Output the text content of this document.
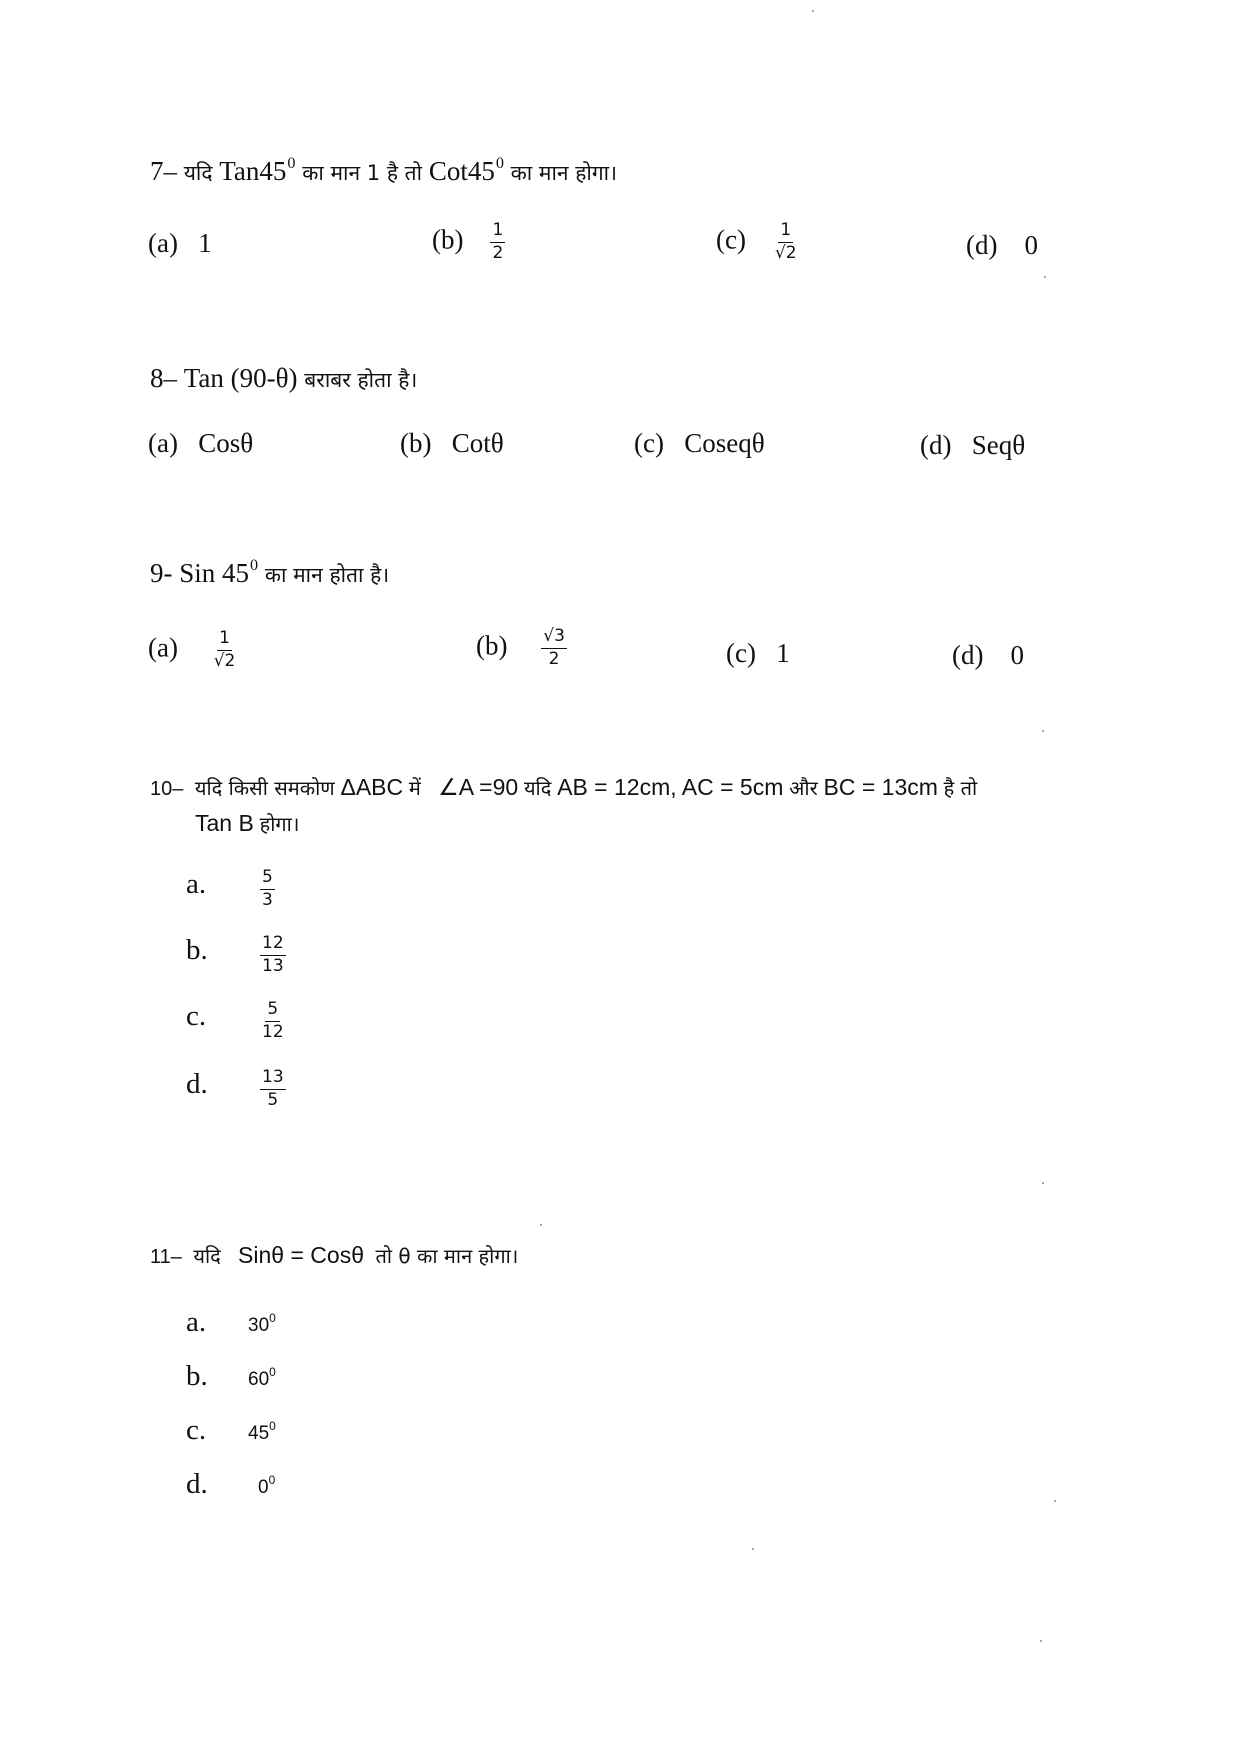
7– यदि $Tan45^0$ का मान 1 है तो $Cot45^0$ का मान होगा।
(a) 1	$(b) \frac{1}{2}$	$(c) \frac{1}{√2}$	(d) 0
8– Tan (90-θ) बराबर होता है।
(a) Cosθ	(b) Cotθ	(c) Coseqθ	(d) Seqθ
9- Sin $45^0$ का मान होता है।
$(a) \frac{1}{√2}$	$(b) \frac{√3}{2}$	(c) 1	(d) 0
10– यदि किसी समकोण ΔABC में ∠A =90 यदि AB = 12cm, AC = 5cm और BC = 13cm है तो
Tan B होगा।
a.	$\frac{5}{3}$
b.	$\frac{12}{13}$
c.	$\frac{5}{12}$
d.	$\frac{13}{5}$
11– यदि Sinθ = Cosθ तो θ का मान होगा।
a. $30^0$
b. $60^0$
c. $45^0$
d.	$0^0$
